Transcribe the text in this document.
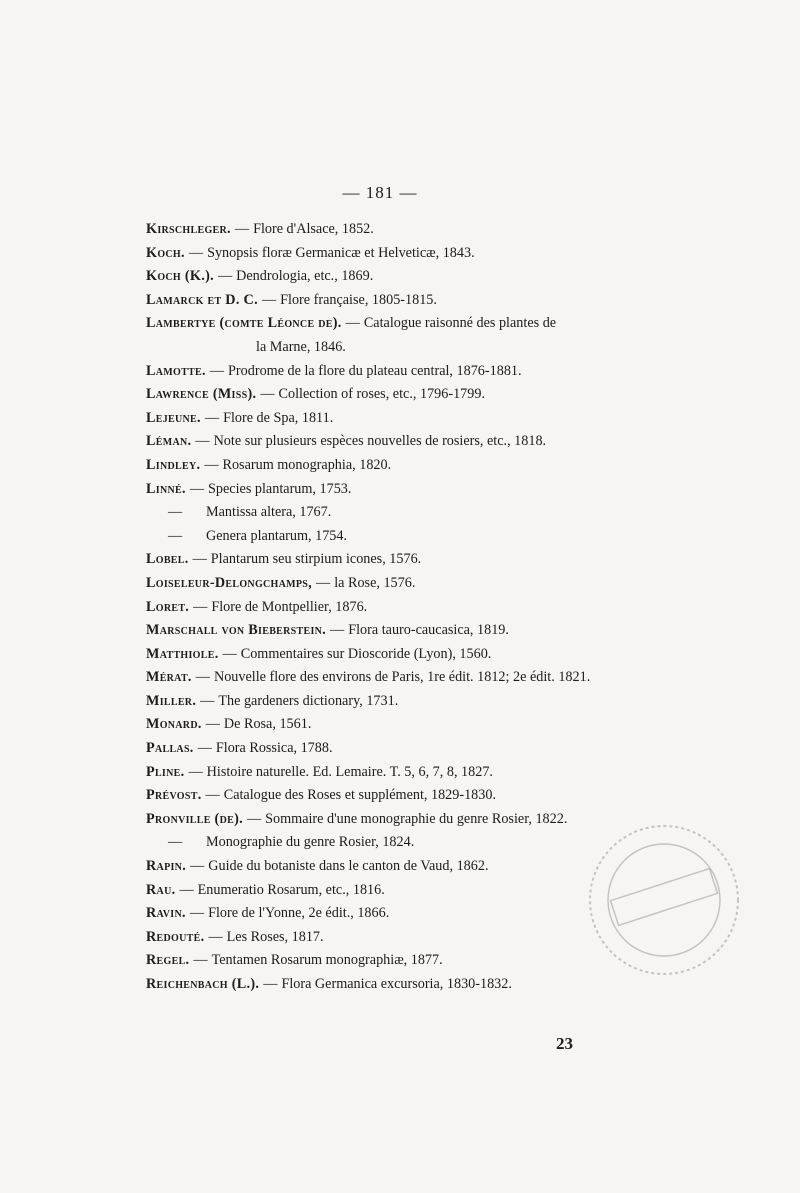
— 181 —
Kirschleger. — Flore d'Alsace, 1852.
Koch. — Synopsis floræ Germanicæ et Helveticæ, 1843.
Koch (K.). — Dendrologia, etc., 1869.
Lamarck et D. C. — Flore française, 1805-1815.
Lambertye (comte Léonce de). — Catalogue raisonné des plantes de
la Marne, 1846.
Lamotte. — Prodrome de la flore du plateau central, 1876-1881.
Lawrence (Miss). — Collection of roses, etc., 1796-1799.
Lejeune. — Flore de Spa, 1811.
Léman. — Note sur plusieurs espèces nouvelles de rosiers, etc., 1818.
Lindley. — Rosarum monographia, 1820.
Linné. — Species plantarum, 1753.
— Mantissa altera, 1767.
— Genera plantarum, 1754.
Lobel. — Plantarum seu stirpium icones, 1576.
Loiseleur-Delongchamps, — la Rose, 1576.
Loret. — Flore de Montpellier, 1876.
Marschall von Bieberstein. — Flora tauro-caucasica, 1819.
Matthiole. — Commentaires sur Dioscoride (Lyon), 1560.
Mérat. — Nouvelle flore des environs de Paris, 1re édit. 1812; 2e édit. 1821.
Miller. — The gardeners dictionary, 1731.
Monard. — De Rosa, 1561.
Pallas. — Flora Rossica, 1788.
Pline. — Histoire naturelle. Ed. Lemaire. T. 5, 6, 7, 8, 1827.
Prévost. — Catalogue des Roses et supplément, 1829-1830.
Pronville (de). — Sommaire d'une monographie du genre Rosier, 1822.
— Monographie du genre Rosier, 1824.
Rapin. — Guide du botaniste dans le canton de Vaud, 1862.
Rau. — Enumeratio Rosarum, etc., 1816.
Ravin. — Flore de l'Yonne, 2e édit., 1866.
Redouté. — Les Roses, 1817.
Regel. — Tentamen Rosarum monographiæ, 1877.
Reichenbach (L.). — Flora Germanica excursoria, 1830-1832.
23
